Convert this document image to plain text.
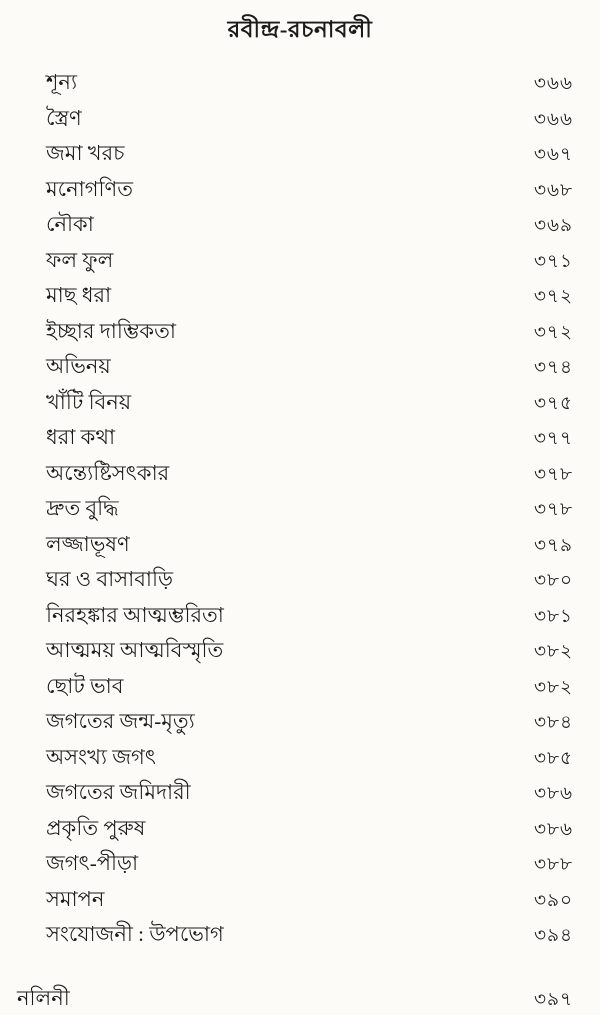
রবীন্দ্র-রচনাবলী
শূন্য	৩৬৬
স্ত্রৈণ	৩৬৬
জমা খরচ	৩৬৭
মনোগণিত	৩৬৮
নৌকা	৩৬৯
ফল ফুল	৩৭১
মাছ ধরা	৩৭২
ইচ্ছার দাম্ভিকতা	৩৭২
অভিনয়	৩৭৪
খাঁটি বিনয়	৩৭৫
ধরা কথা	৩৭৭
অন্ত্যেষ্টিসৎকার	৩৭৮
দ্রুত বুদ্ধি	৩৭৮
লজ্জাভূষণ	৩৭৯
ঘর ও বাসাবাড়ি	৩৮০
নিরহঙ্কার আত্মম্ভরিতা	৩৮১
আত্মময় আত্মবিস্মৃতি	৩৮২
ছোট ভাব	৩৮২
জগতের জন্ম-মৃত্যু	৩৮৪
অসংখ্য জগৎ	৩৮৫
জগতের জমিদারী	৩৮৬
প্রকৃতি পুরুষ	৩৮৬
জগৎ-পীড়া	৩৮৮
সমাপন	৩৯০
সংযোজনী : উপভোগ	৩৯৪
নলিনী	৩৯৭
